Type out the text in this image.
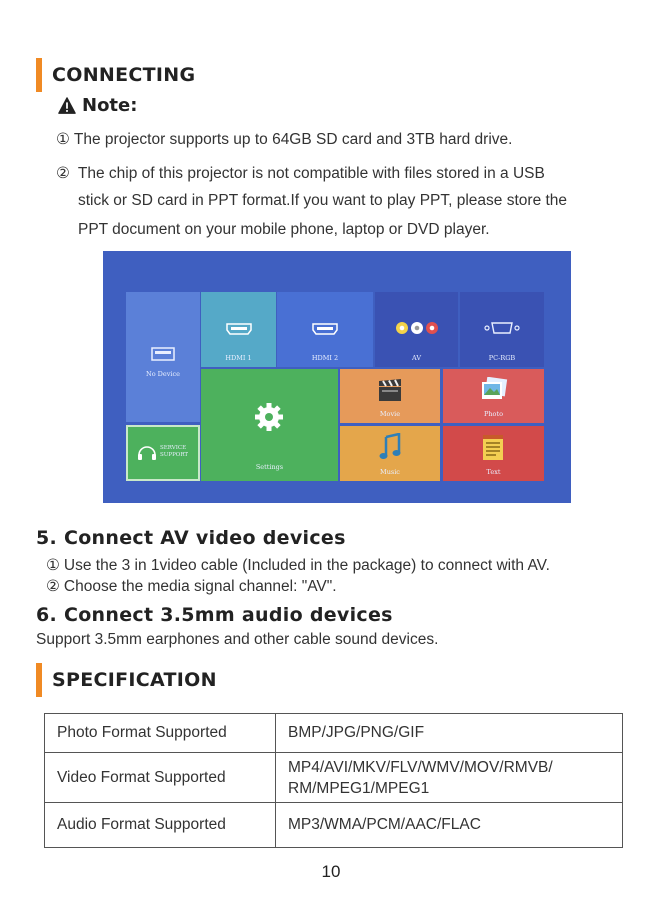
CONNECTING
Note:
① The projector supports up to 64GB SD card and 3TB hard drive.
② The chip of this projector is not compatible with files stored in a USB
stick or SD card in PPT format.If you want to play PPT, please store the
PPT document on your mobile phone, laptop or DVD player.
No Device
HDMI 1	HDMI 2	AV	PC-RGB
SERVICE SUPPORT
Settings
Movie	Photo
Music	Text
5. Connect AV video devices
① Use the 3 in 1video cable (Included in the package) to connect with AV.
② Choose the media signal channel: "AV".
6. Connect 3.5mm audio devices
Support 3.5mm earphones and other cable sound devices.
SPECIFICATION
Photo Format Supported	BMP/JPG/PNG/GIF
Video Format Supported	MP4/AVI/MKV/FLV/WMV/MOV/RMVB/
RM/MPEG1/MPEG1
Audio Format Supported	MP3/WMA/PCM/AAC/FLAC
10
